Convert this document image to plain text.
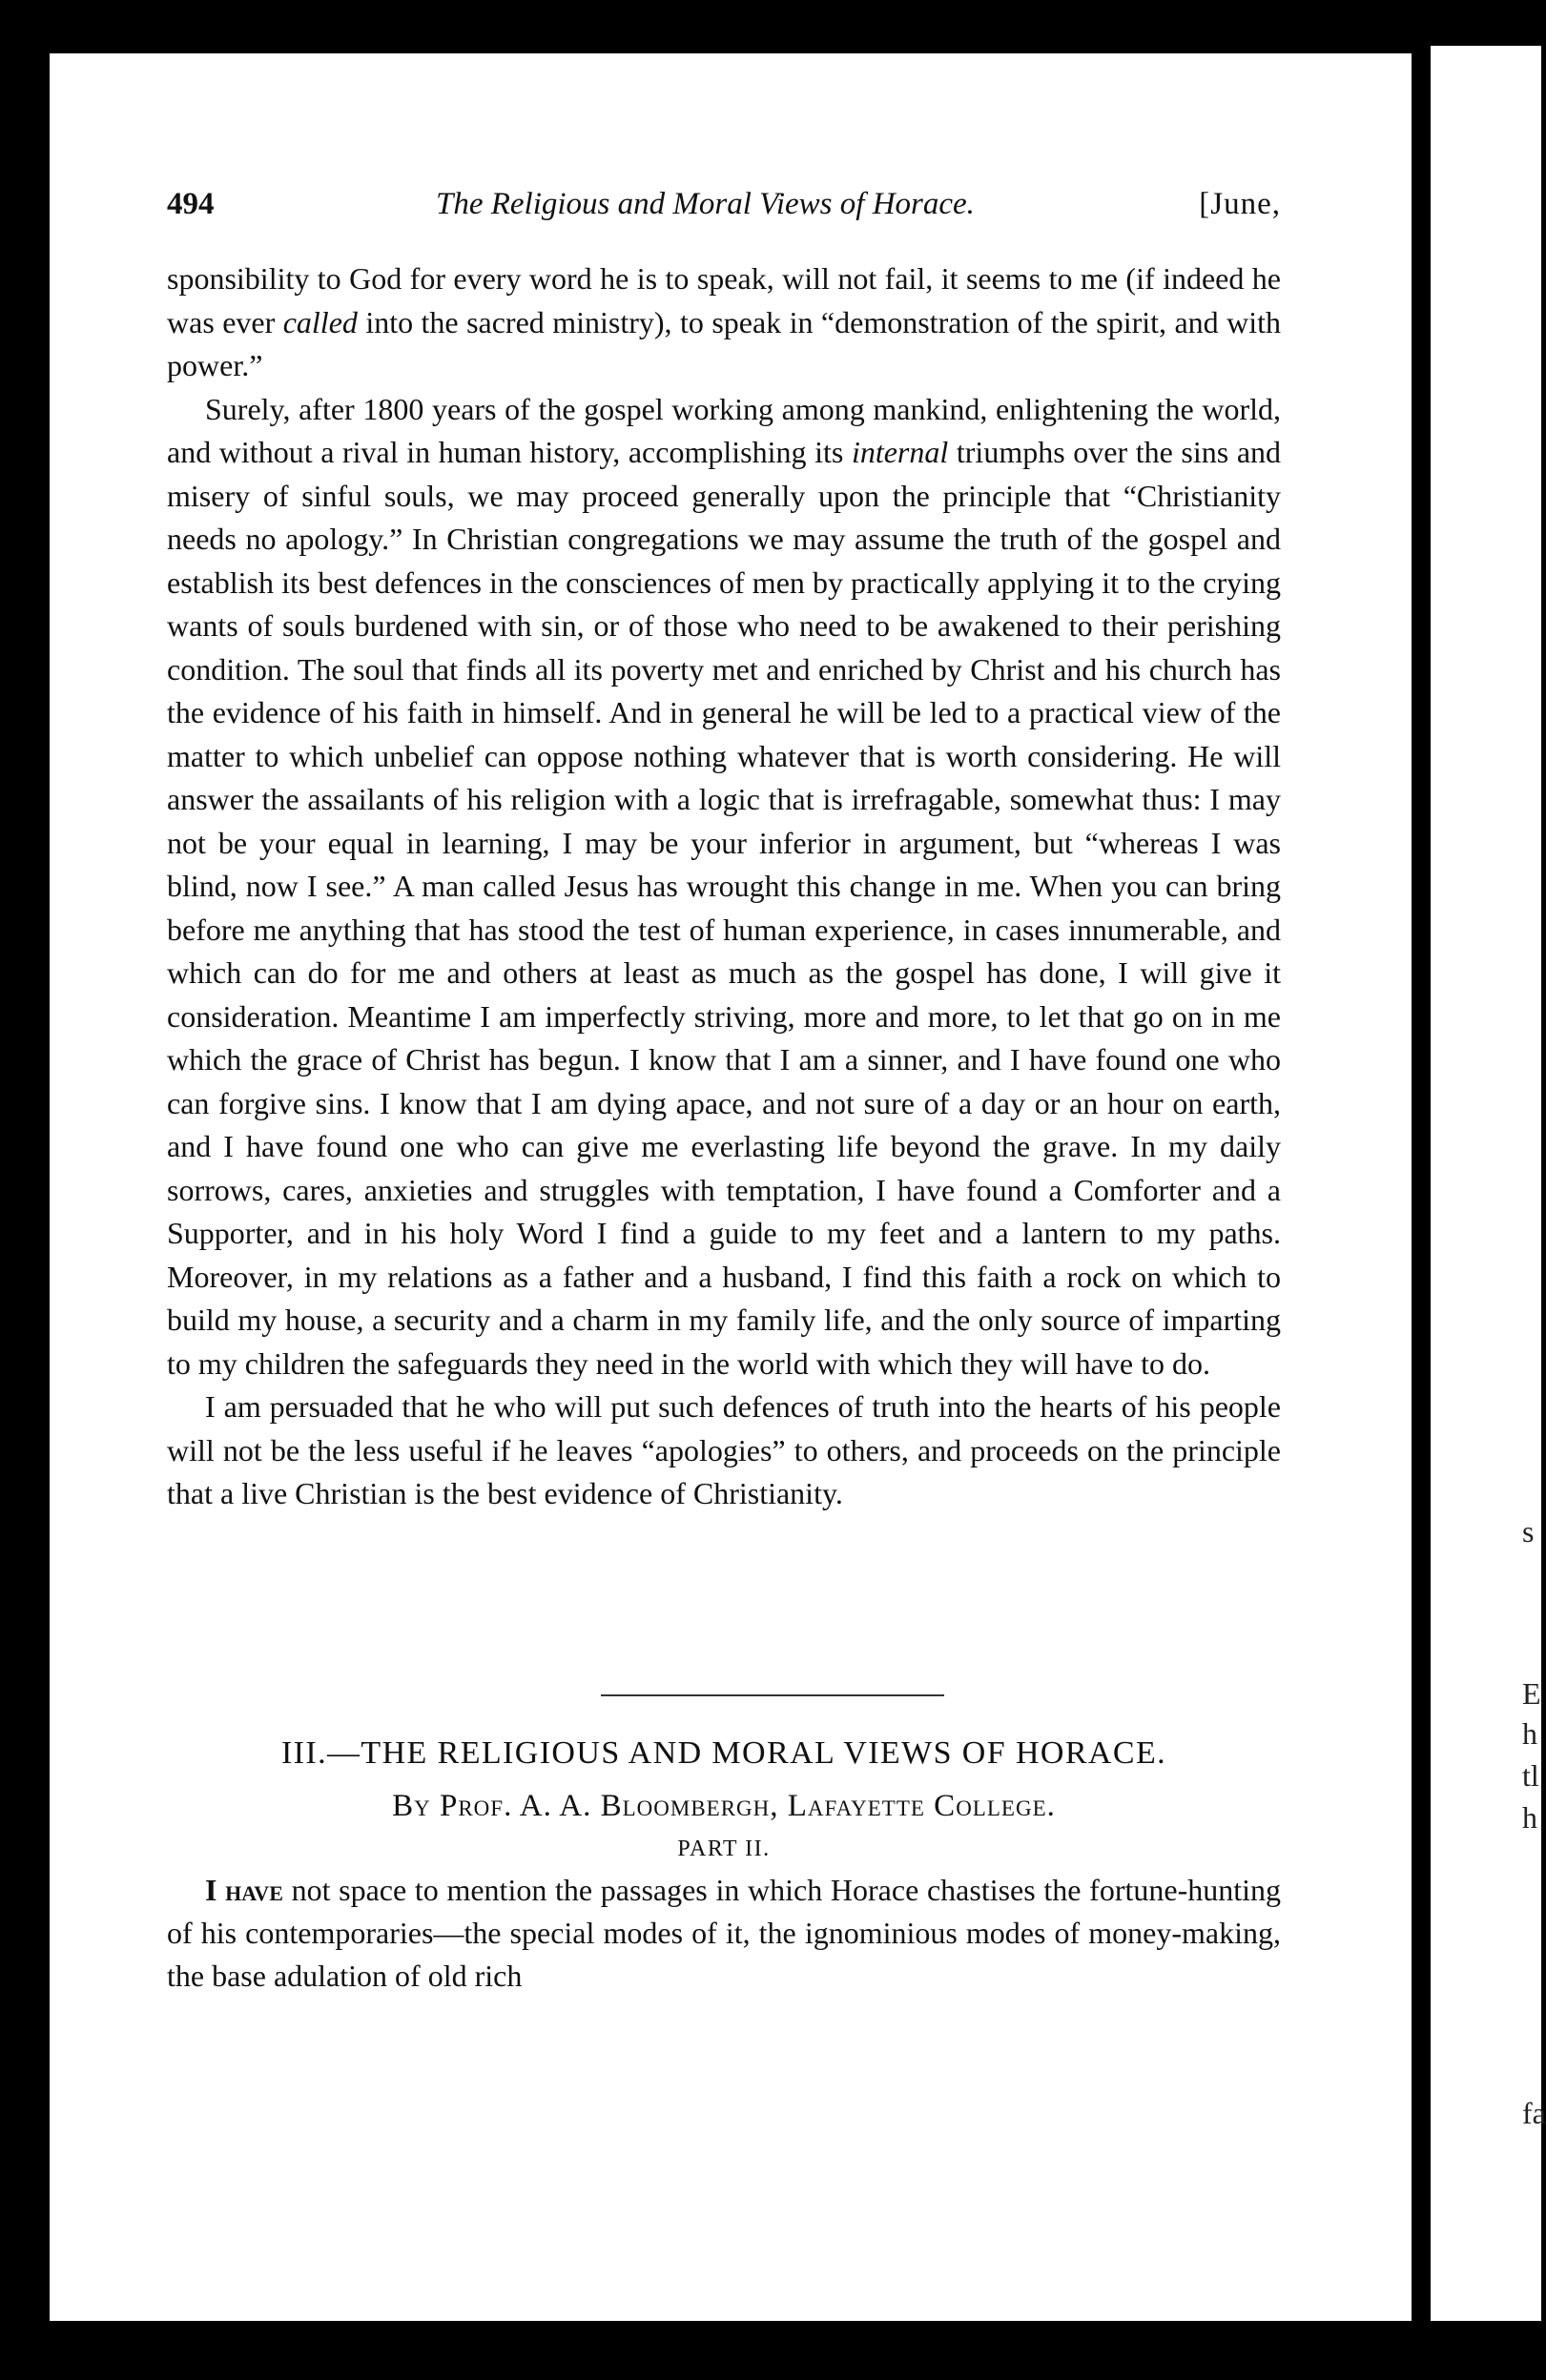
s
E
h
tl
h
fa
494	The Religious and Moral Views of Horace.	[June,

sponsibility to God for every word he is to speak, will not fail, it seems to me (if indeed he was ever called into the sacred ministry), to speak in “demonstration of the spirit, and with power.”

Surely, after 1800 years of the gospel working among mankind, enlightening the world, and without a rival in human history, accomplishing its internal triumphs over the sins and misery of sinful souls, we may proceed generally upon the principle that “Christianity needs no apology.” In Christian congregations we may assume the truth of the gospel and establish its best defences in the consciences of men by practically applying it to the crying wants of souls burdened with sin, or of those who need to be awakened to their perishing condition. The soul that finds all its poverty met and enriched by Christ and his church has the evidence of his faith in himself. And in general he will be led to a practical view of the matter to which unbelief can oppose nothing whatever that is worth considering. He will answer the assailants of his religion with a logic that is irrefragable, somewhat thus: I may not be your equal in learning, I may be your inferior in argument, but “whereas I was blind, now I see.” A man called Jesus has wrought this change in me. When you can bring before me anything that has stood the test of human experience, in cases innumerable, and which can do for me and others at least as much as the gospel has done, I will give it consideration. Meantime I am imperfectly striving, more and more, to let that go on in me which the grace of Christ has begun. I know that I am a sinner, and I have found one who can forgive sins. I know that I am dying apace, and not sure of a day or an hour on earth, and I have found one who can give me everlasting life beyond the grave. In my daily sorrows, cares, anxieties and struggles with temptation, I have found a Comforter and a Supporter, and in his holy Word I find a guide to my feet and a lantern to my paths. Moreover, in my relations as a father and a husband, I find this faith a rock on which to build my house, a security and a charm in my family life, and the only source of imparting to my children the safeguards they need in the world with which they will have to do.

I am persuaded that he who will put such defences of truth into the hearts of his people will not be the less useful if he leaves “apologies” to others, and proceeds on the principle that a live Christian is the best evidence of Christianity.

III.—THE RELIGIOUS AND MORAL VIEWS OF HORACE.
By Prof. A. A. Bloombergh, Lafayette College.
PART II.
I have not space to mention the passages in which Horace chastises the fortune-hunting of his contemporaries—the special modes of it, the ignominious modes of money-making, the base adulation of old rich
